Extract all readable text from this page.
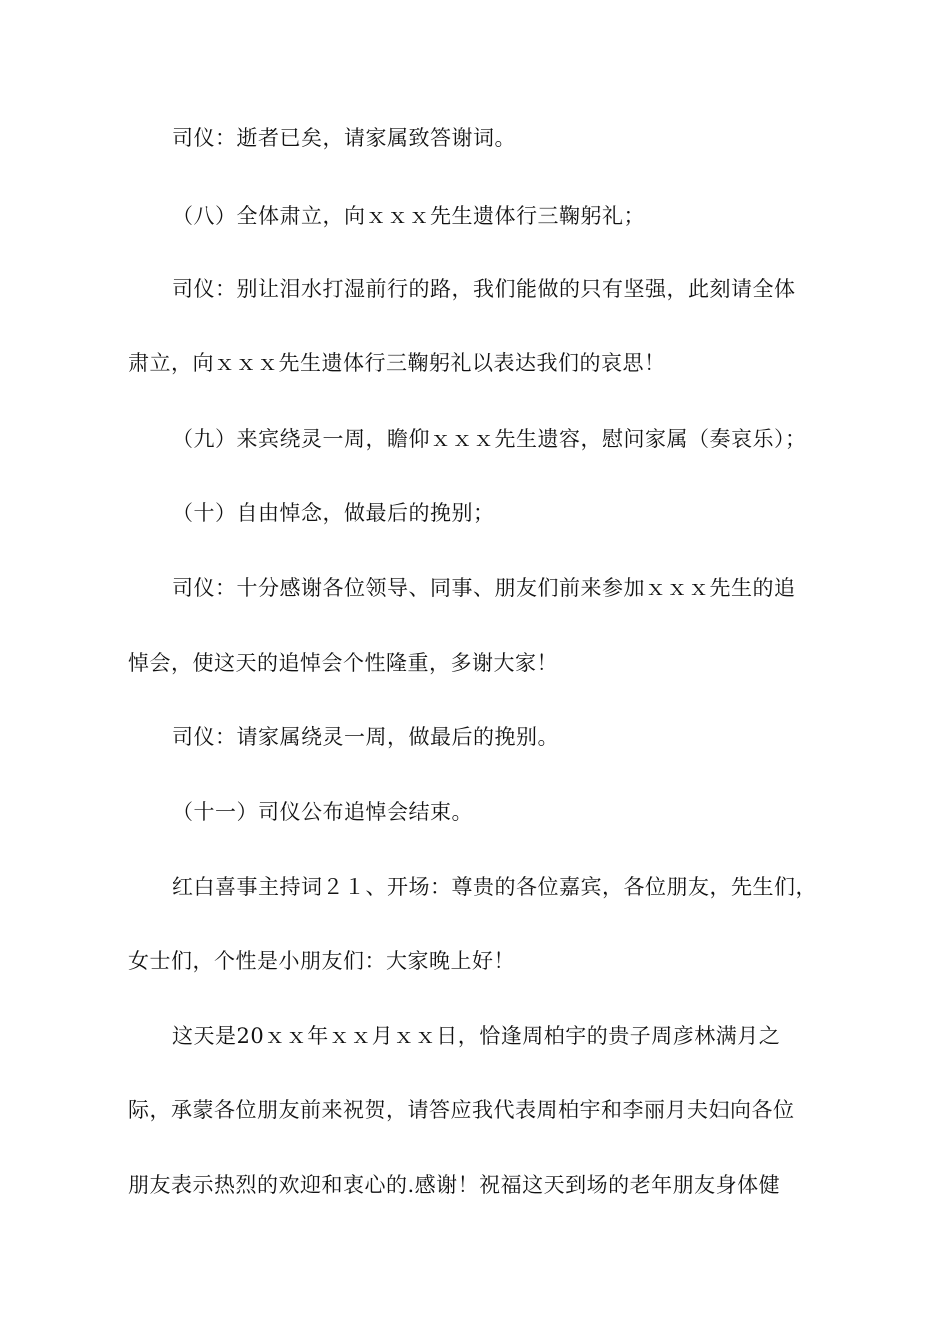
司仪：逝者已矣，请家属致答谢词。
（八）全体肃立，向ｘｘｘ先生遗体行三鞠躬礼；
司仪：别让泪水打湿前行的路，我们能做的只有坚强，此刻请全体
肃立，向ｘｘｘ先生遗体行三鞠躬礼以表达我们的哀思！
（九）来宾绕灵一周，瞻仰ｘｘｘ先生遗容，慰问家属（奏哀乐）；
（十）自由悼念，做最后的挽别；
司仪：十分感谢各位领导、同事、朋友们前来参加ｘｘｘ先生的追
悼会，使这天的追悼会个性隆重，多谢大家！
司仪：请家属绕灵一周，做最后的挽别。
（十一）司仪公布追悼会结束。
红白喜事主持词２１、开场：尊贵的各位嘉宾，各位朋友，先生们，
女士们，个性是小朋友们：大家晚上好！
这天是20ｘｘ年ｘｘ月ｘｘ日，恰逢周柏宇的贵子周彦林满月之
际，承蒙各位朋友前来祝贺，请答应我代表周柏宇和李丽月夫妇向各位
朋友表示热烈的欢迎和衷心的.感谢！祝福这天到场的老年朋友身体健
